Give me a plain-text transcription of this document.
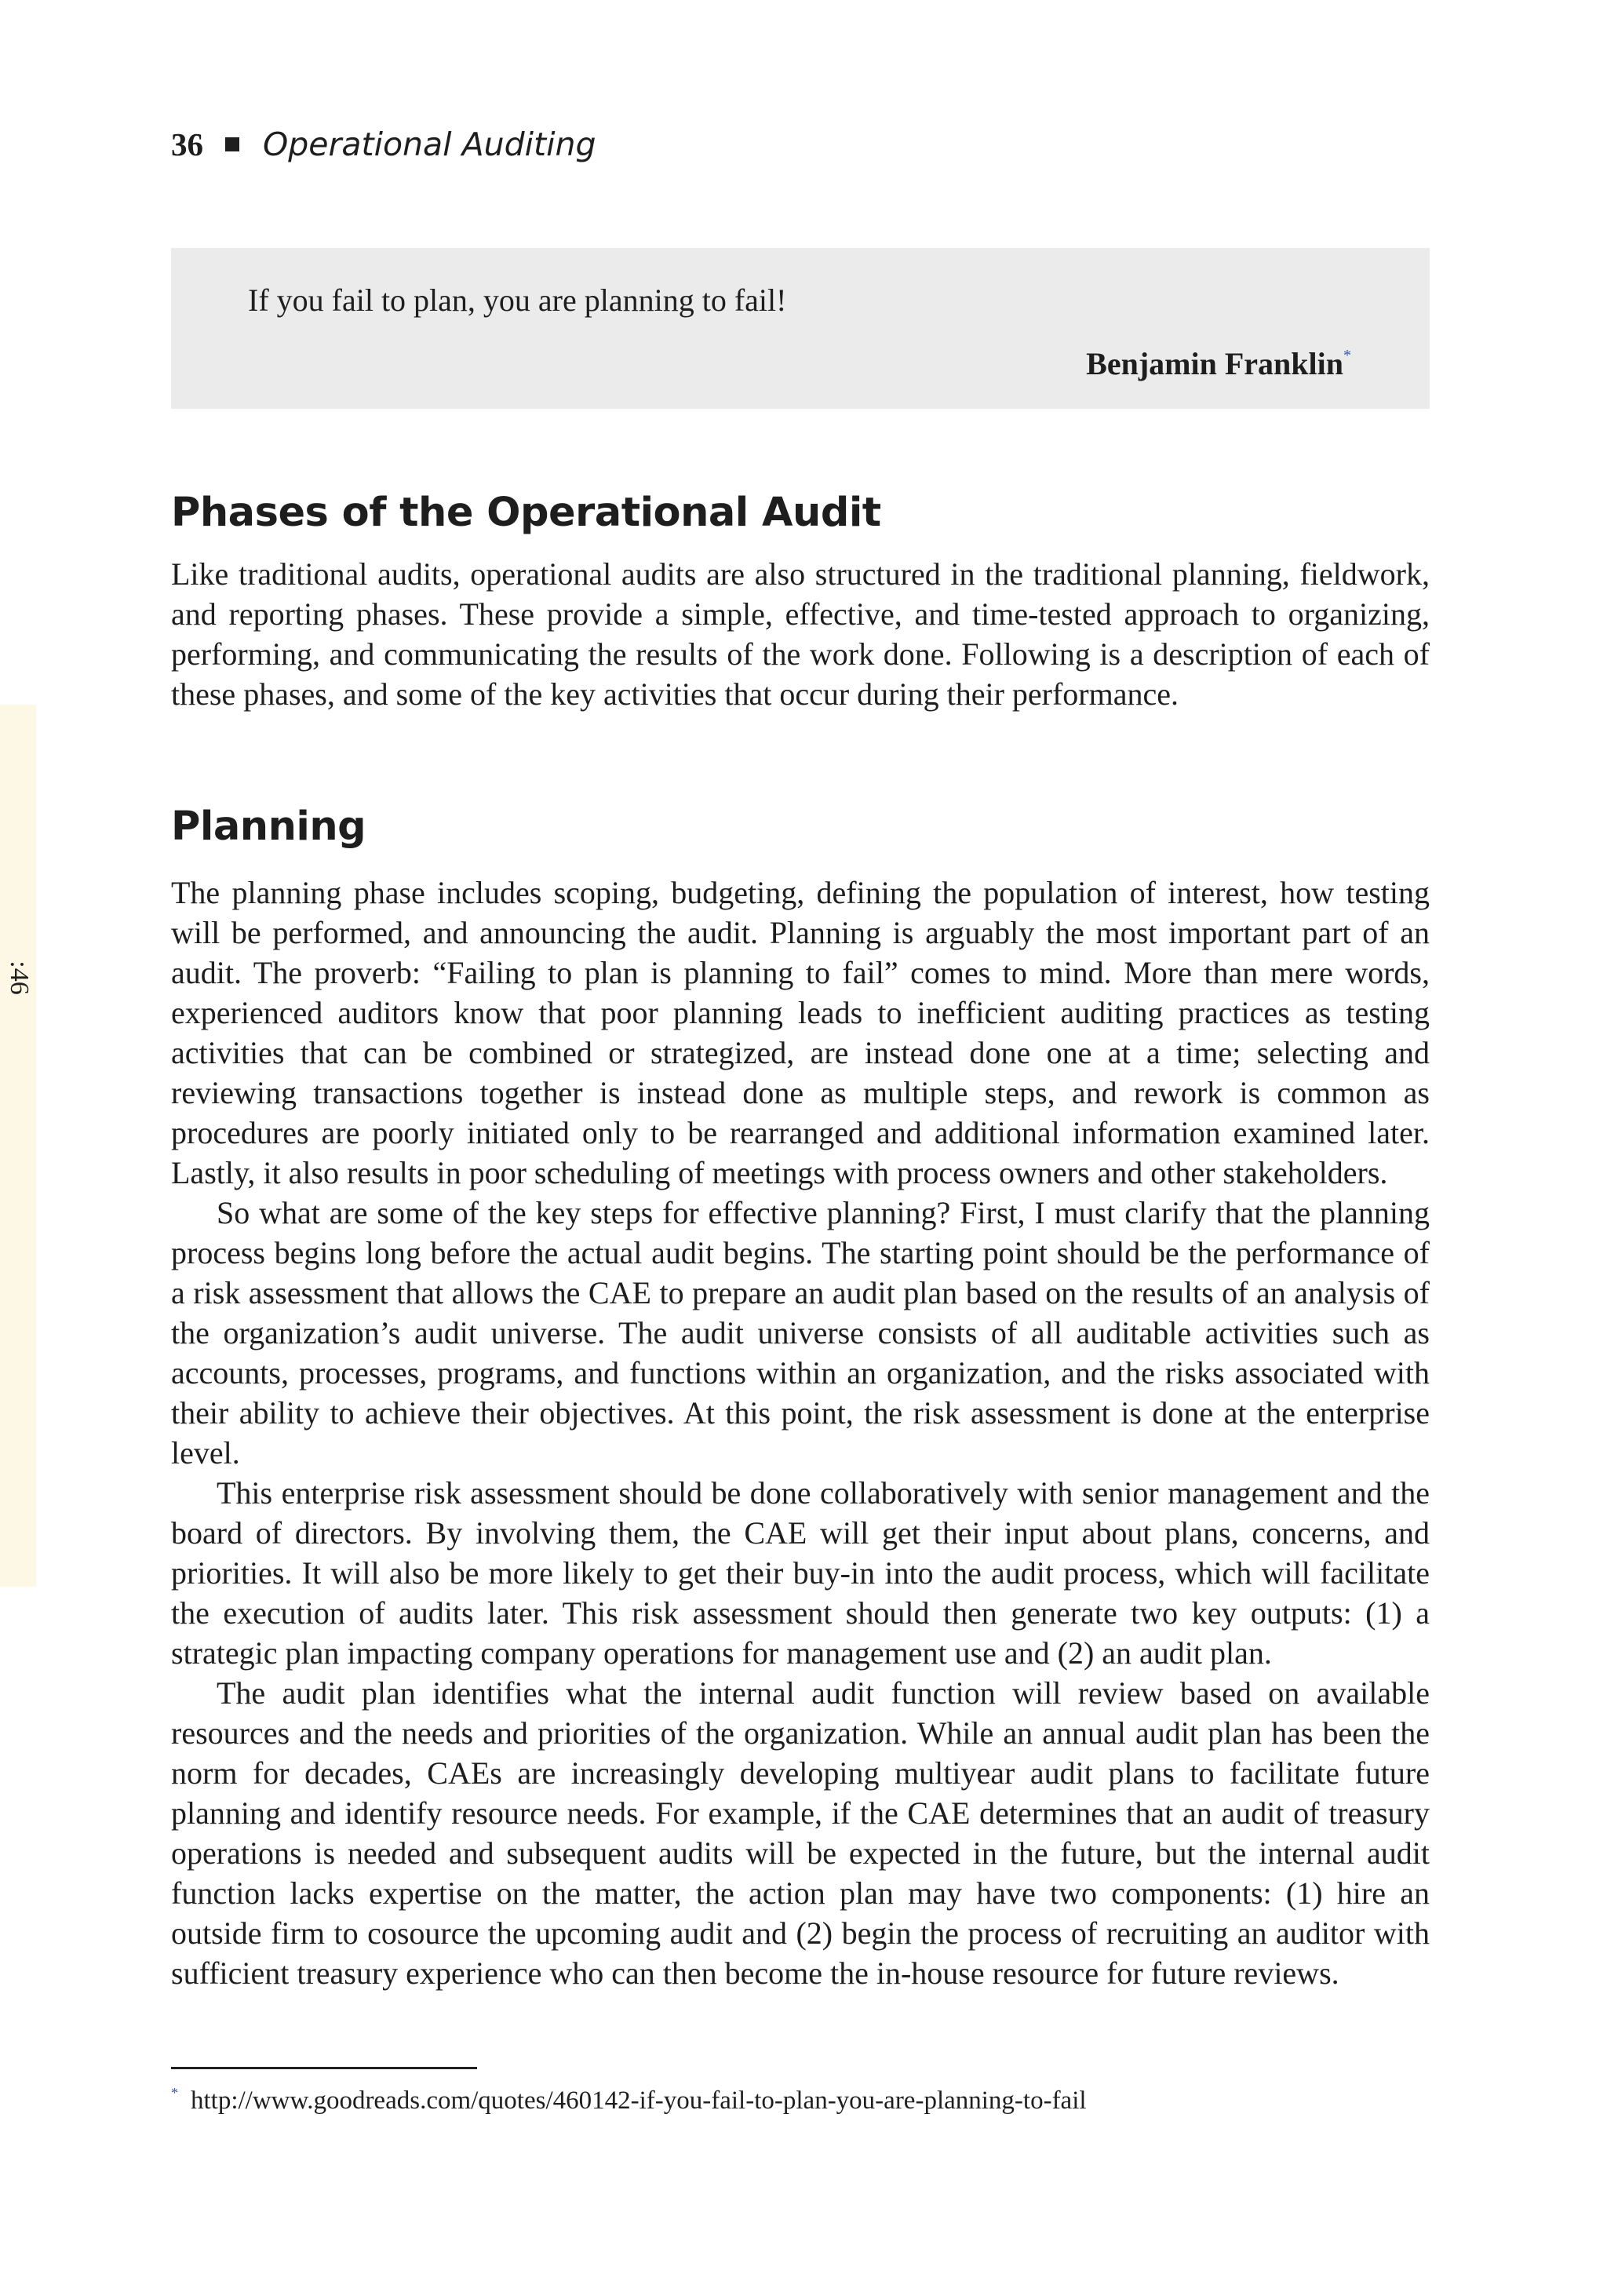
:46
36 Operational Auditing
If you fail to plan, you are planning to fail!
Benjamin Franklin*
Phases of the Operational Audit

Like traditional audits, operational audits are also structured in the traditional planning, fieldwork, and reporting phases. These provide a simple, effective, and time-tested approach to organizing, performing, and communicating the results of the work done. Following is a description of each of these phases, and some of the key activities that occur during their performance.

Planning

The planning phase includes scoping, budgeting, defining the population of interest, how testing will be performed, and announcing the audit. Planning is arguably the most important part of an audit. The proverb: “Failing to plan is planning to fail” comes to mind. More than mere words, experienced auditors know that poor planning leads to inefficient auditing practices as testing activities that can be combined or strategized, are instead done one at a time; selecting and reviewing transactions together is instead done as multiple steps, and rework is common as procedures are poorly initiated only to be rearranged and additional information examined later. Lastly, it also results in poor scheduling of meetings with process owners and other stakeholders.

So what are some of the key steps for effective planning? First, I must clarify that the planning process begins long before the actual audit begins. The starting point should be the performance of a risk assessment that allows the CAE to prepare an audit plan based on the results of an analysis of the organization’s audit universe. The audit universe consists of all auditable activities such as accounts, processes, programs, and functions within an organization, and the risks associated with their ability to achieve their objectives. At this point, the risk assessment is done at the enterprise level.

This enterprise risk assessment should be done collaboratively with senior management and the board of directors. By involving them, the CAE will get their input about plans, concerns, and priorities. It will also be more likely to get their buy-in into the audit process, which will facilitate the execution of audits later. This risk assessment should then generate two key outputs: (1) a strategic plan impacting company operations for management use and (2) an audit plan.

The audit plan identifies what the internal audit function will review based on available resources and the needs and priorities of the organization. While an annual audit plan has been the norm for decades, CAEs are increasingly developing multiyear audit plans to facilitate future planning and identify resource needs. For example, if the CAE determines that an audit of treasury operations is needed and subsequent audits will be expected in the future, but the internal audit function lacks expertise on the matter, the action plan may have two components: (1) hire an outside firm to cosource the upcoming audit and (2) begin the process of recruiting an auditor with sufficient treasury experience who can then become the in-house resource for future reviews.

* http://www.goodreads.com/quotes/460142-if-you-fail-to-plan-you-are-planning-to-fail
